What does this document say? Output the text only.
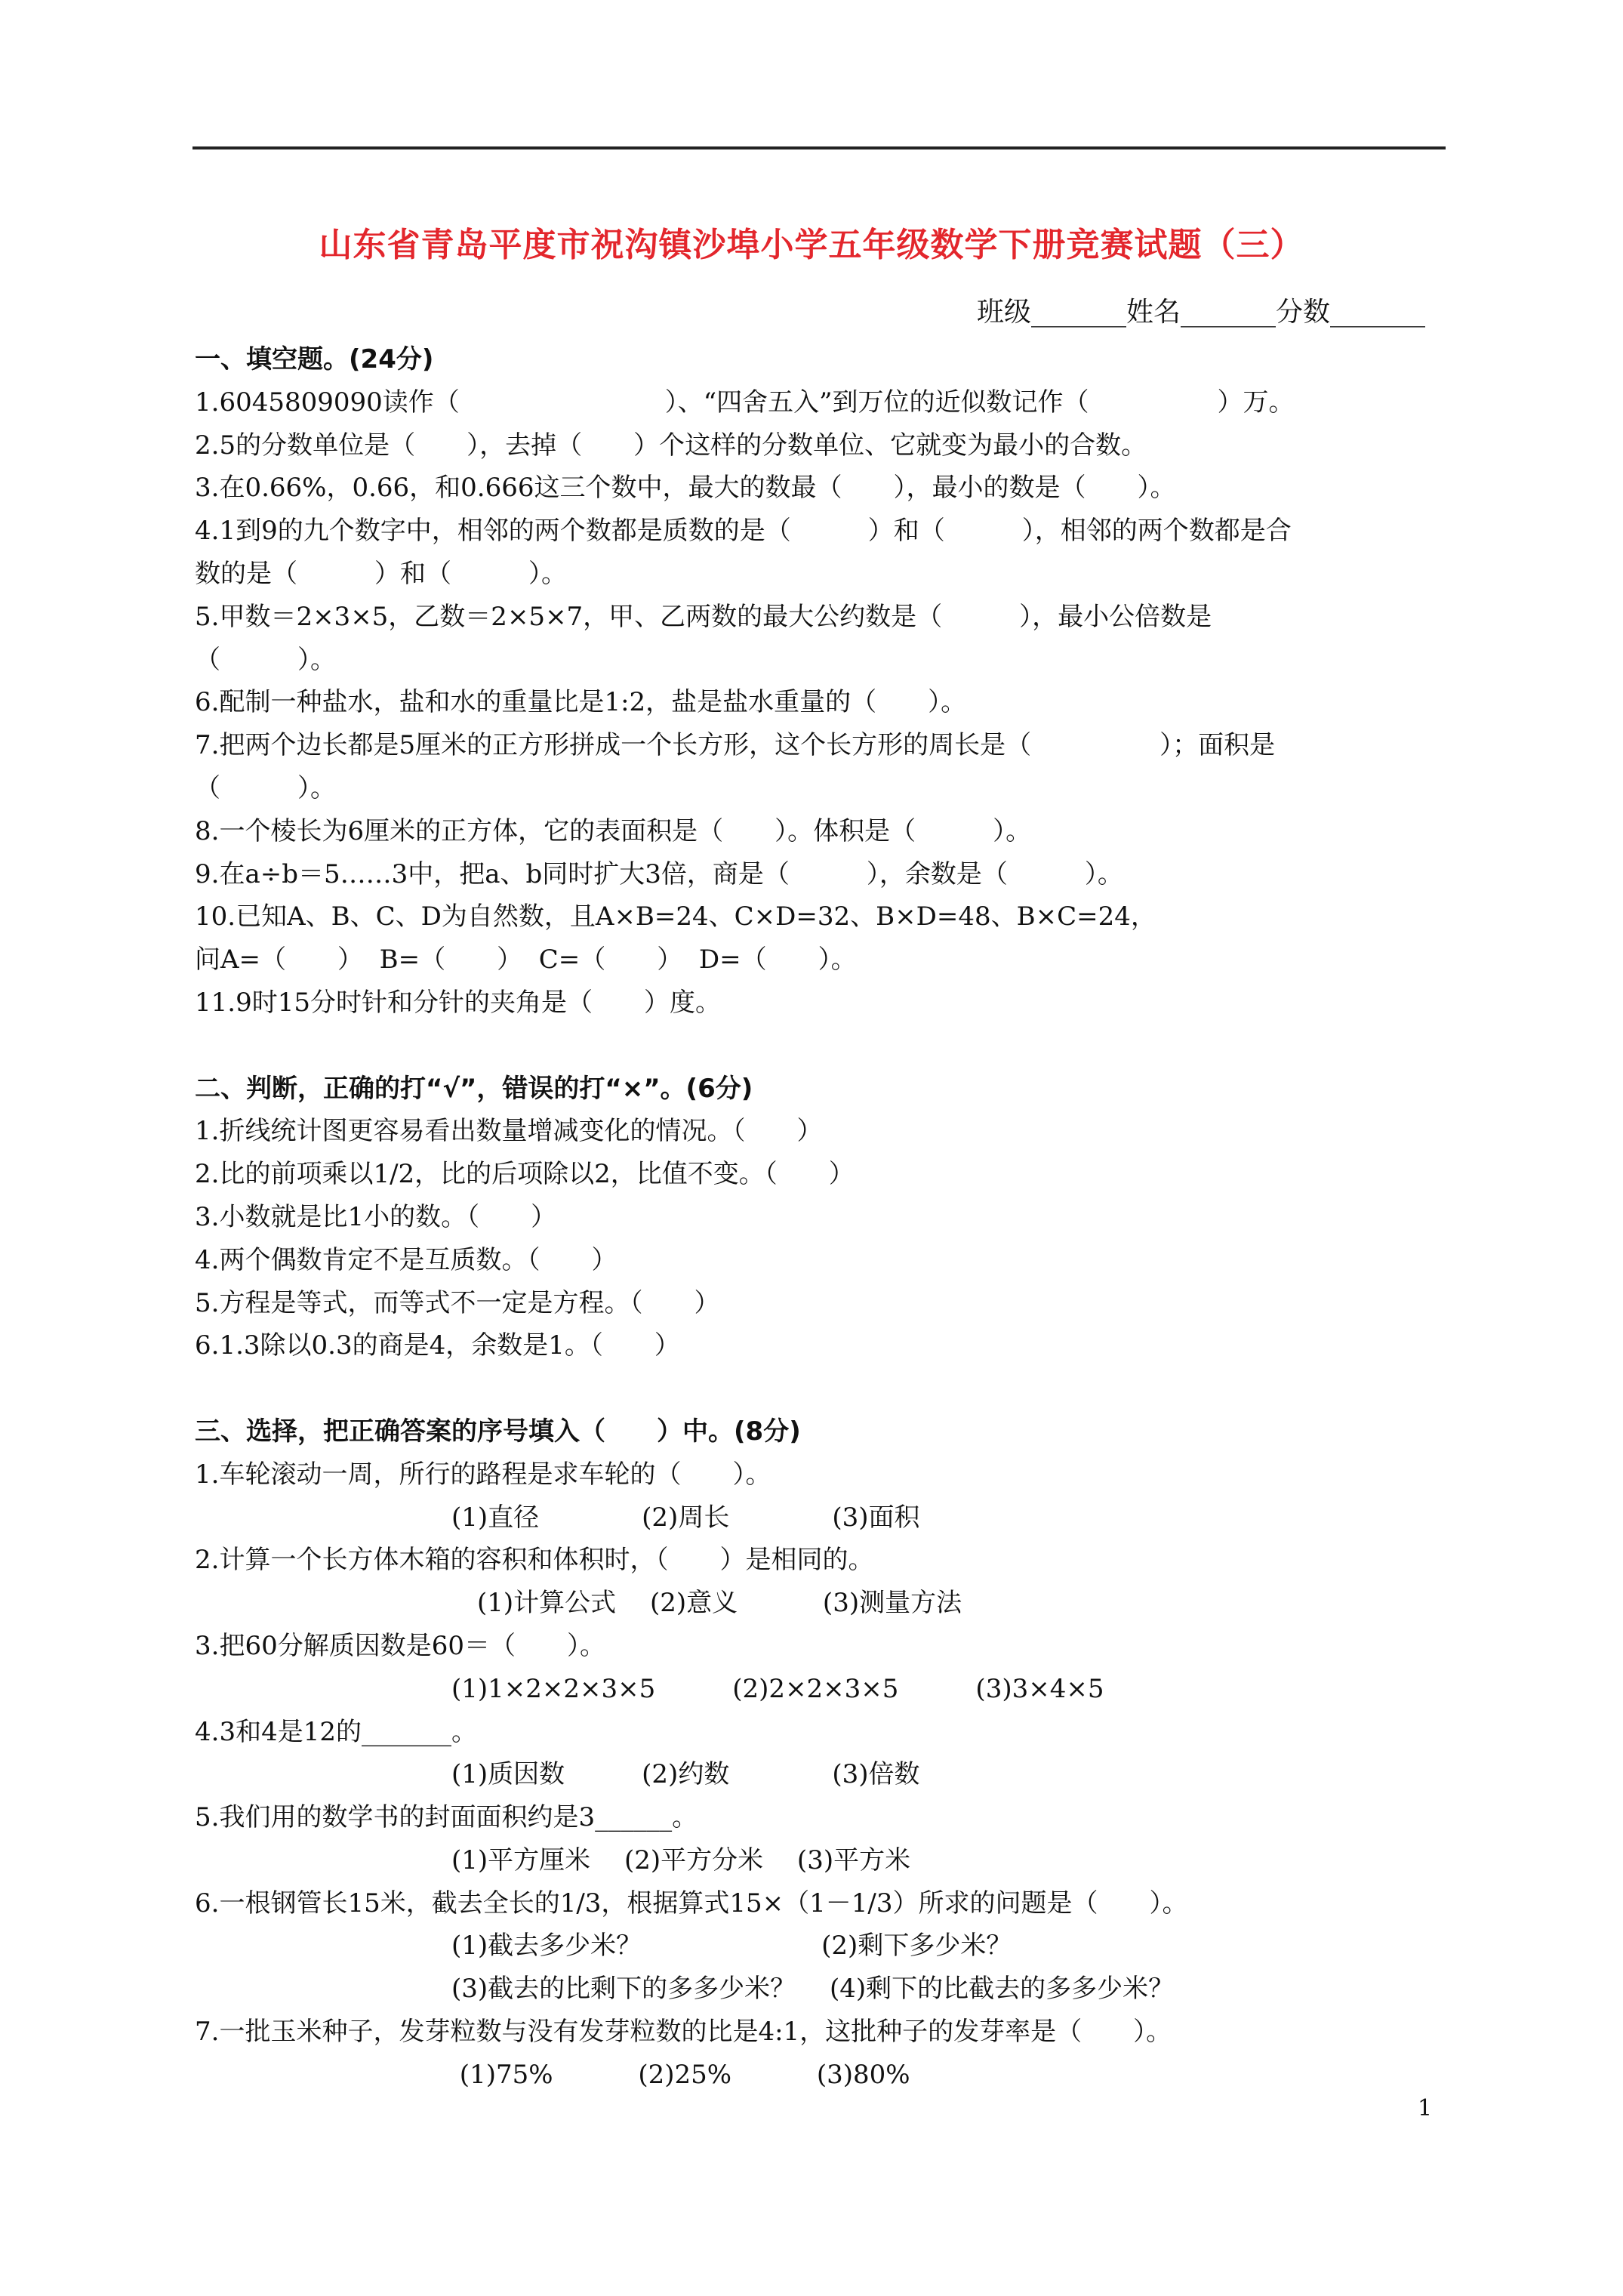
山东省青岛平度市祝沟镇沙埠小学五年级数学下册竞赛试题（三）
班级_______姓名_______分数_______
一、填空题。(24分)
1.6045809090读作（　　　　　　　　）、“四舍五入”到万位的近似数记作（　　　　　）万。
2.5的分数单位是（　　），去掉（　　）个这样的分数单位、它就变为最小的合数。
3.在0.66%，0.66，和0.666这三个数中，最大的数最（　　），最小的数是（　　）。
4.1到9的九个数字中，相邻的两个数都是质数的是（　　　）和（　　　），相邻的两个数都是合
数的是（　　　）和（　　　）。
5.甲数＝2×3×5，乙数＝2×5×7，甲、乙两数的最大公约数是（　　　），最小公倍数是
（　　　）。
6.配制一种盐水，盐和水的重量比是1:2，盐是盐水重量的（　　）。
7.把两个边长都是5厘米的正方形拼成一个长方形，这个长方形的周长是（　　　　　）；面积是
（　　　）。
8.一个棱长为6厘米的正方体，它的表面积是（　　）。体积是（　　　）。
9.在a÷b＝5……3中，把a、b同时扩大3倍，商是（　　　），余数是（　　　）。
10.已知A、B、C、D为自然数，且A×B=24、C×D=32、B×D=48、B×C=24，
问A=（　　）  B=（　　）  C=（　　）  D=（　　）。
11.9时15分时针和分针的夹角是（　　）度。
二、判断，正确的打“√”，错误的打“×”。(6分)
1.折线统计图更容易看出数量增减变化的情况。（　　）
2.比的前项乘以1/2，比的后项除以2，比值不变。（　　）
3.小数就是比1小的数。（　　）
4.两个偶数肯定不是互质数。（　　）
5.方程是等式，而等式不一定是方程。（　　）
6.1.3除以0.3的商是4，余数是1。（　　）
三、选择，把正确答案的序号填入（　　）中。(8分)
1.车轮滚动一周，所行的路程是求车轮的（　　）。
　　　　　　　　　　(1)直径　　　　(2)周长　　　　(3)面积
2.计算一个长方体木箱的容积和体积时，（　　）是相同的。
　　　　　　　　　　　(1)计算公式　 (2)意义　　　 (3)测量方法
3.把60分解质因数是60＝（　　）。
　　　　　　　　　　(1)1×2×2×3×5　　　(2)2×2×3×5　　　(3)3×4×5
4.3和4是12的_______。
　　　　　　　　　　(1)质因数　　　(2)约数　　　　(3)倍数
5.我们用的数学书的封面面积约是3______。
　　　　　　　　　　(1)平方厘米　 (2)平方分米　 (3)平方米
6.一根钢管长15米，截去全长的1/3，根据算式15×（1－1/3）所求的问题是（　　）。
　　　　　　　　　　(1)截去多少米？　　　　　　　(2)剩下多少米？
　　　　　　　　　　(3)截去的比剩下的多多少米？　 (4)剩下的比截去的多多少米？
7.一批玉米种子，发芽粒数与没有发芽粒数的比是4:1，这批种子的发芽率是（　　）。
　　　　　　　　　　 (1)75%　　　 (2)25%　　　 (3)80%
1
